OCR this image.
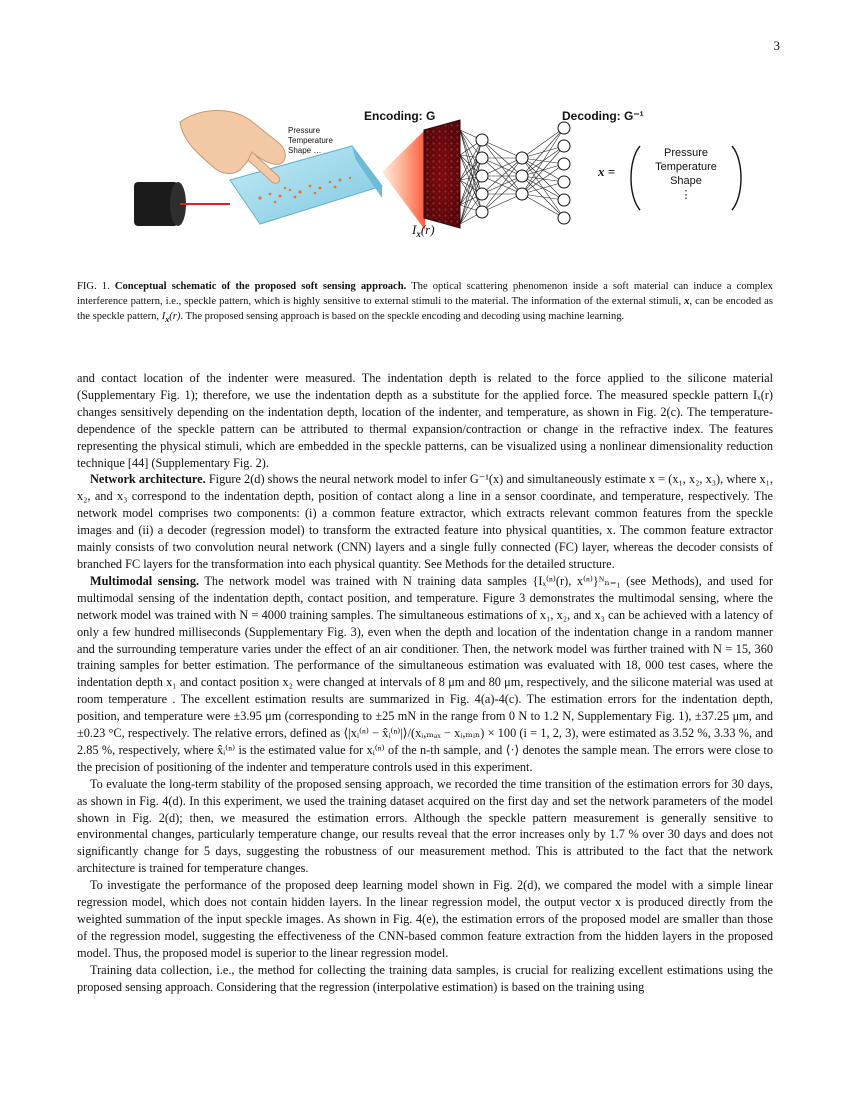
3
Pressure
Temperature
Shape …
Encoding: G
$I_x(r)$
Decoding: G⁻¹
x =
Pressure
Temperature
Shape
⋮
FIG. 1. Conceptual schematic of the proposed soft sensing approach. The optical scattering phenomenon inside a soft material can induce a complex interference pattern, i.e., speckle pattern, which is highly sensitive to external stimuli to the material. The information of the external stimuli, x, can be encoded as the speckle pattern, $I_x(r)$. The proposed sensing approach is based on the speckle encoding and decoding using machine learning.

and contact location of the indenter were measured. The indentation depth is related to the force applied to the silicone material (Supplementary Fig. 1); therefore, we use the indentation depth as a substitute for the applied force. The measured speckle pattern Iₓ(r) changes sensitively depending on the indentation depth, location of the indenter, and temperature, as shown in Fig. 2(c). The temperature-dependence of the speckle pattern can be attributed to thermal expansion/contraction or change in the refractive index. The features representing the physical stimuli, which are embedded in the speckle patterns, can be visualized using a nonlinear dimensionality reduction technique [44] (Supplementary Fig. 2).

Network architecture. Figure 2(d) shows the neural network model to infer G⁻¹(x) and simultaneously estimate x = (x₁, x₂, x₃), where x₁, x₂, and x₃ correspond to the indentation depth, position of contact along a line in a sensor coordinate, and temperature, respectively. The network model comprises two components: (i) a common feature extractor, which extracts relevant common features from the speckle images and (ii) a decoder (regression model) to transform the extracted feature into physical quantities, x. The common feature extractor mainly consists of two convolution neural network (CNN) layers and a single fully connected (FC) layer, whereas the decoder consists of branched FC layers for the transformation into each physical quantity. See Methods for the detailed structure.

Multimodal sensing. The network model was trained with N training data samples {Iₓ⁽ⁿ⁾(r), x⁽ⁿ⁾}ᴺₙ₌₁ (see Methods), and used for multimodal sensing of the indentation depth, contact position, and temperature. Figure 3 demonstrates the multimodal sensing, where the network model was trained with N = 4000 training samples. The simultaneous estimations of x₁, x₂, and x₃ can be achieved with a latency of only a few hundred milliseconds (Supplementary Fig. 3), even when the depth and location of the indentation change in a random manner and the surrounding temperature varies under the effect of an air conditioner. Then, the network model was further trained with N = 15, 360 training samples for better estimation. The performance of the simultaneous estimation was evaluated with 18, 000 test cases, where the indentation depth x₁ and contact position x₂ were changed at intervals of 8 μm and 80 μm, respectively, and the silicone material was used at room temperature . The excellent estimation results are summarized in Fig. 4(a)-4(c). The estimation errors for the indentation depth, position, and temperature were ±3.95 μm (corresponding to ±25 mN in the range from 0 N to 1.2 N, Supplementary Fig. 1), ±37.25 μm, and ±0.23 °C, respectively. The relative errors, defined as ⟨|xᵢ⁽ⁿ⁾ − x̂ᵢ⁽ⁿ⁾|⟩/(xᵢ,ₘₐₓ − xᵢ,ₘᵢₙ) × 100 (i = 1, 2, 3), were estimated as 3.52 %, 3.33 %, and 2.85 %, respectively, where x̂ᵢ⁽ⁿ⁾ is the estimated value for xᵢ⁽ⁿ⁾ of the n-th sample, and ⟨·⟩ denotes the sample mean. The errors were close to the precision of positioning of the indenter and temperature controls used in this experiment.

To evaluate the long-term stability of the proposed sensing approach, we recorded the time transition of the estimation errors for 30 days, as shown in Fig. 4(d). In this experiment, we used the training dataset acquired on the first day and set the network parameters of the model shown in Fig. 2(d); then, we measured the estimation errors. Although the speckle pattern measurement is generally sensitive to environmental changes, particularly temperature change, our results reveal that the error increases only by 1.7 % over 30 days and does not significantly change for 5 days, suggesting the robustness of our measurement method. This is attributed to the fact that the network architecture is trained for temperature changes.

To investigate the performance of the proposed deep learning model shown in Fig. 2(d), we compared the model with a simple linear regression model, which does not contain hidden layers. In the linear regression model, the output vector x is produced directly from the weighted summation of the input speckle images. As shown in Fig. 4(e), the estimation errors of the proposed model are smaller than those of the regression model, suggesting the effectiveness of the CNN-based common feature extraction from the hidden layers in the proposed model. Thus, the proposed model is superior to the linear regression model.

Training data collection, i.e., the method for collecting the training data samples, is crucial for realizing excellent estimations using the proposed sensing approach. Considering that the regression (interpolative estimation) is based on the training using
